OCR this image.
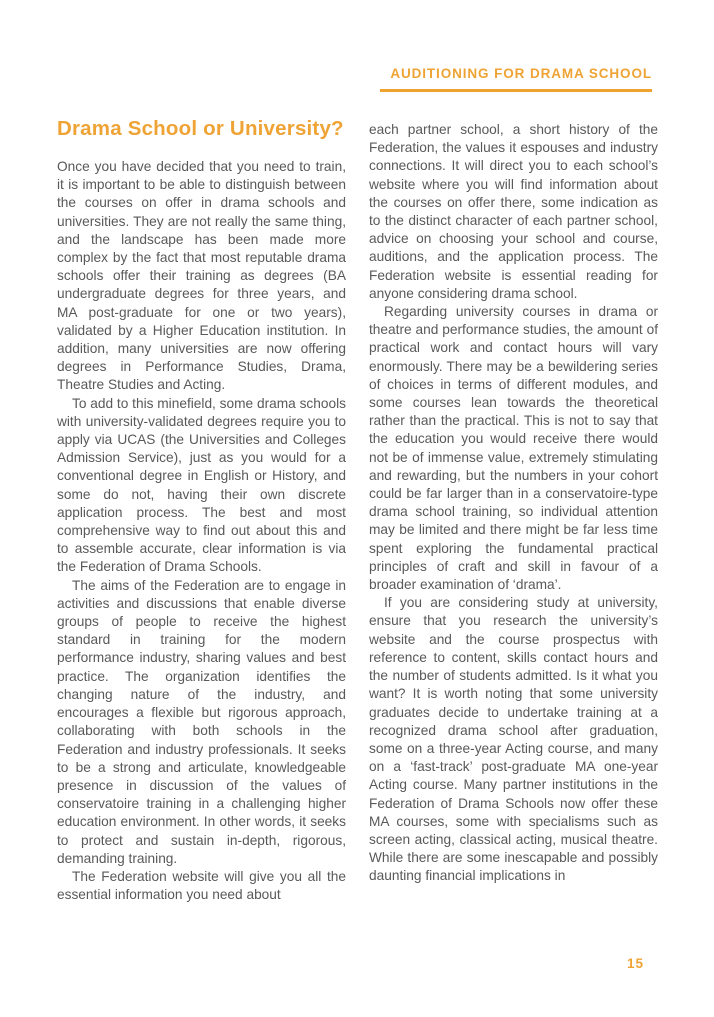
AUDITIONING FOR DRAMA SCHOOL
Drama School or University?

Once you have decided that you need to train, it is important to be able to distinguish between the courses on offer in drama schools and universities. They are not really the same thing, and the landscape has been made more complex by the fact that most reputable drama schools offer their training as degrees (BA undergraduate degrees for three years, and MA post-graduate for one or two years), validated by a Higher Education institution. In addition, many universities are now offering degrees in Performance Studies, Drama, Theatre Studies and Acting.

To add to this minefield, some drama schools with university-validated degrees require you to apply via UCAS (the Universities and Colleges Admission Service), just as you would for a conventional degree in English or History, and some do not, having their own discrete application process. The best and most comprehensive way to find out about this and to assemble accurate, clear information is via the Federation of Drama Schools.

The aims of the Federation are to engage in activities and discussions that enable diverse groups of people to receive the highest standard in training for the modern performance industry, sharing values and best practice. The organization identifies the changing nature of the industry, and encourages a flexible but rigorous approach, collaborating with both schools in the Federation and industry professionals. It seeks to be a strong and articulate, knowledgeable presence in discussion of the values of conservatoire training in a challenging higher education environment. In other words, it seeks to protect and sustain in-depth, rigorous, demanding training.

The Federation website will give you all the essential information you need about

each partner school, a short history of the Federation, the values it espouses and industry connections. It will direct you to each school’s website where you will find information about the courses on offer there, some indication as to the distinct character of each partner school, advice on choosing your school and course, auditions, and the application process. The Federation website is essential reading for anyone considering drama school.

Regarding university courses in drama or theatre and performance studies, the amount of practical work and contact hours will vary enormously. There may be a bewildering series of choices in terms of different modules, and some courses lean towards the theoretical rather than the practical. This is not to say that the education you would receive there would not be of immense value, extremely stimulating and rewarding, but the numbers in your cohort could be far larger than in a conservatoire-type drama school training, so individual attention may be limited and there might be far less time spent exploring the fundamental practical principles of craft and skill in favour of a broader examination of ‘drama’.

If you are considering study at university, ensure that you research the university’s website and the course prospectus with reference to content, skills contact hours and the number of students admitted. Is it what you want? It is worth noting that some university graduates decide to undertake training at a recognized drama school after graduation, some on a three-year Acting course, and many on a ‘fast-track’ post-graduate MA one-year Acting course. Many partner institutions in the Federation of Drama Schools now offer these MA courses, some with specialisms such as screen acting, classical acting, musical theatre. While there are some inescapable and possibly daunting financial implications in

15
